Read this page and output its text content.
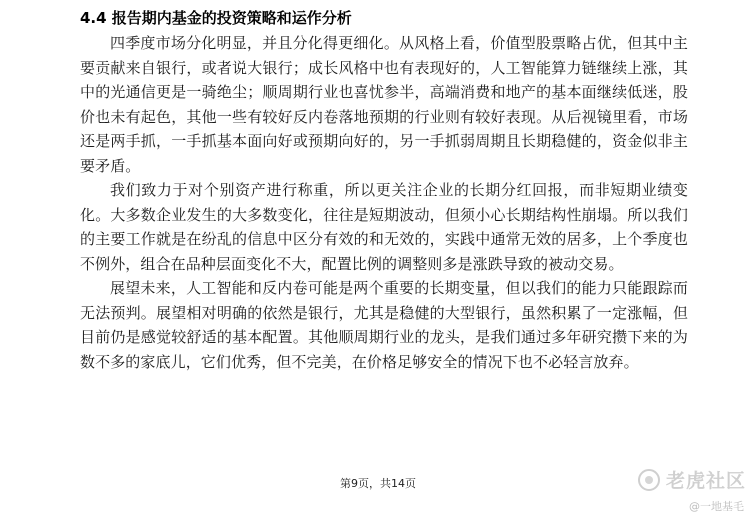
4.4 报告期内基金的投资策略和运作分析

四季度市场分化明显，并且分化得更细化。从风格上看，价值型股票略占优，但其中主要贡献来自银行，或者说大银行；成长风格中也有表现好的，人工智能算力链继续上涨，其中的光通信更是一骑绝尘；顺周期行业也喜忧参半，高端消费和地产的基本面继续低迷，股价也未有起色，其他一些有较好反内卷落地预期的行业则有较好表现。从后视镜里看，市场还是两手抓，一手抓基本面向好或预期向好的，另一手抓弱周期且长期稳健的，资金似非主要矛盾。

我们致力于对个别资产进行称重，所以更关注企业的长期分红回报，而非短期业绩变化。大多数企业发生的大多数变化，往往是短期波动，但须小心长期结构性崩塌。所以我们的主要工作就是在纷乱的信息中区分有效的和无效的，实践中通常无效的居多，上个季度也不例外，组合在品种层面变化不大，配置比例的调整则多是涨跌导致的被动交易。

展望未来，人工智能和反内卷可能是两个重要的长期变量，但以我们的能力只能跟踪而无法预判。展望相对明确的依然是银行，尤其是稳健的大型银行，虽然积累了一定涨幅，但目前仍是感觉较舒适的基本配置。其他顺周期行业的龙头，是我们通过多年研究攒下来的为数不多的家底儿，它们优秀，但不完美，在价格足够安全的情况下也不必轻言放弃。

第9页，共14页	老虎社区
@一地基毛
